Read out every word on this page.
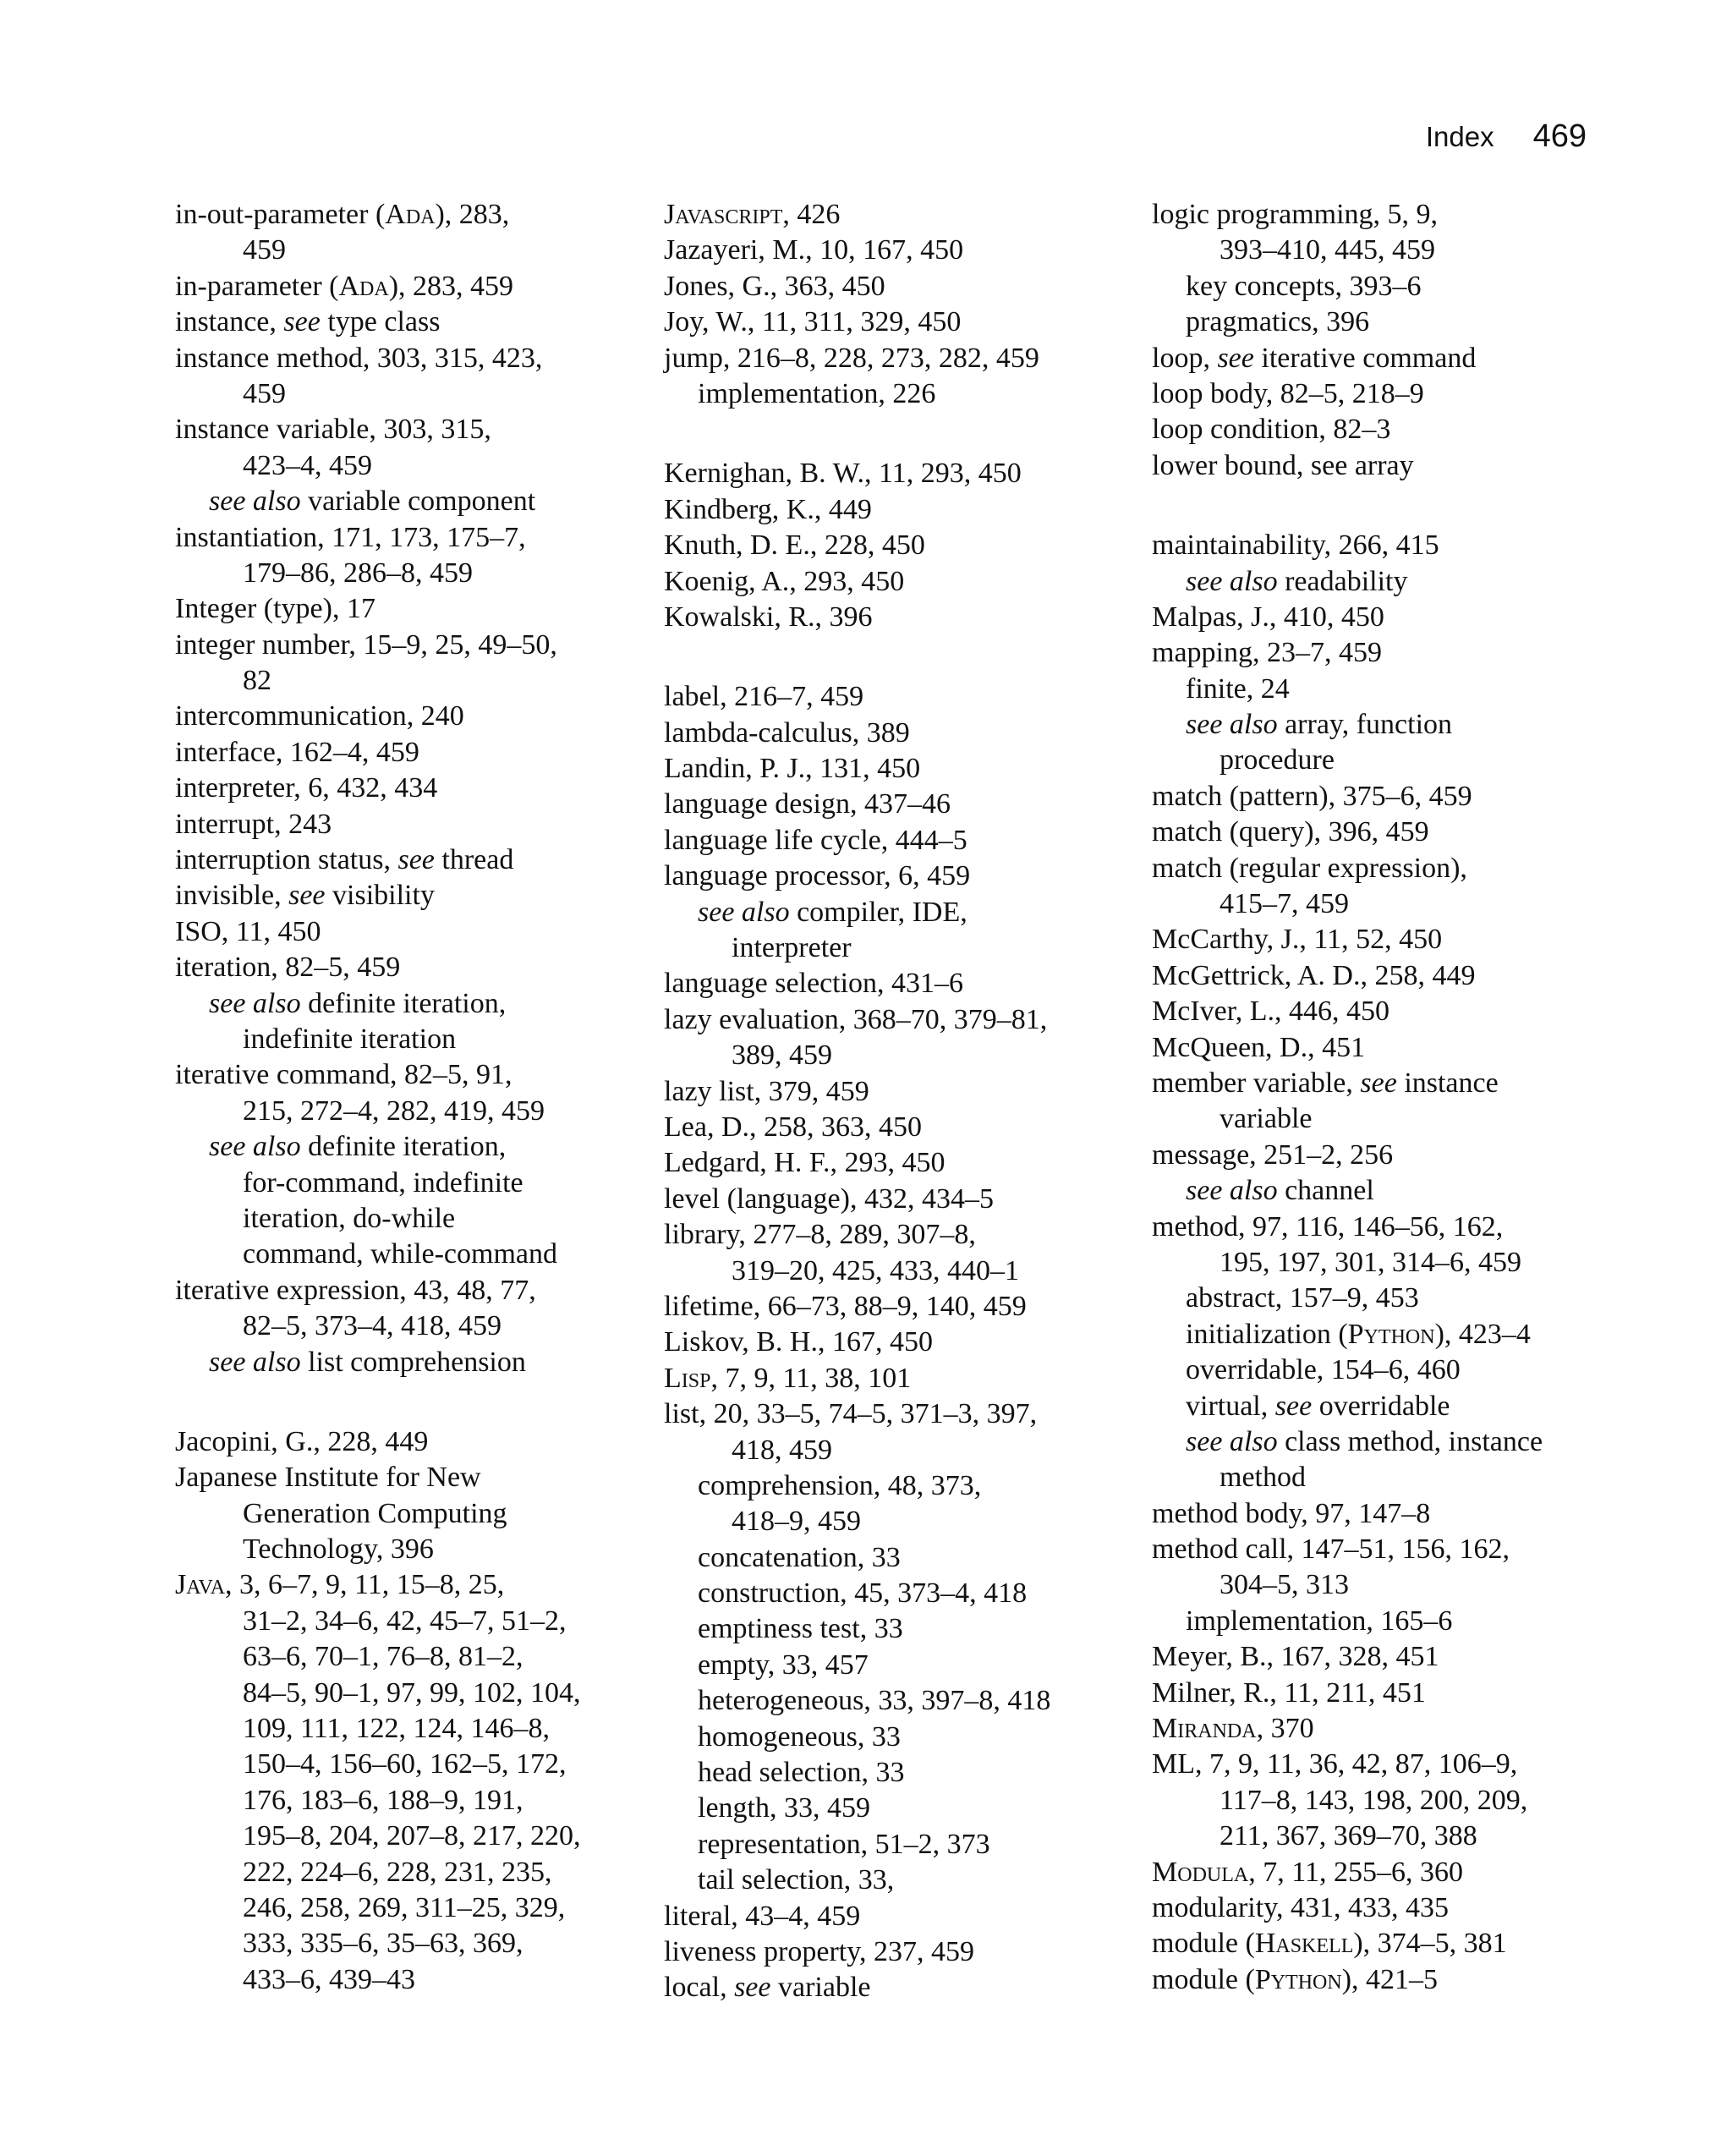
Index 469
in-out-parameter (Ada), 283,
459
in-parameter (Ada), 283, 459
instance, see type class
instance method, 303, 315, 423,
459
instance variable, 303, 315,
423–4, 459
see also variable component
instantiation, 171, 173, 175–7,
179–86, 286–8, 459
Integer (type), 17
integer number, 15–9, 25, 49–50,
82
intercommunication, 240
interface, 162–4, 459
interpreter, 6, 432, 434
interrupt, 243
interruption status, see thread
invisible, see visibility
ISO, 11, 450
iteration, 82–5, 459
see also definite iteration,
indefinite iteration
iterative command, 82–5, 91,
215, 272–4, 282, 419, 459
see also definite iteration,
for-command, indefinite
iteration, do-while
command, while-command
iterative expression, 43, 48, 77,
82–5, 373–4, 418, 459
see also list comprehension
Jacopini, G., 228, 449
Japanese Institute for New
Generation Computing
Technology, 396
Java, 3, 6–7, 9, 11, 15–8, 25,
31–2, 34–6, 42, 45–7, 51–2,
63–6, 70–1, 76–8, 81–2,
84–5, 90–1, 97, 99, 102, 104,
109, 111, 122, 124, 146–8,
150–4, 156–60, 162–5, 172,
176, 183–6, 188–9, 191,
195–8, 204, 207–8, 217, 220,
222, 224–6, 228, 231, 235,
246, 258, 269, 311–25, 329,
333, 335–6, 35–63, 369,
433–6, 439–43
Javascript, 426
Jazayeri, M., 10, 167, 450
Jones, G., 363, 450
Joy, W., 11, 311, 329, 450
jump, 216–8, 228, 273, 282, 459
implementation, 226
Kernighan, B. W., 11, 293, 450
Kindberg, K., 449
Knuth, D. E., 228, 450
Koenig, A., 293, 450
Kowalski, R., 396
label, 216–7, 459
lambda-calculus, 389
Landin, P. J., 131, 450
language design, 437–46
language life cycle, 444–5
language processor, 6, 459
see also compiler, IDE,
interpreter
language selection, 431–6
lazy evaluation, 368–70, 379–81,
389, 459
lazy list, 379, 459
Lea, D., 258, 363, 450
Ledgard, H. F., 293, 450
level (language), 432, 434–5
library, 277–8, 289, 307–8,
319–20, 425, 433, 440–1
lifetime, 66–73, 88–9, 140, 459
Liskov, B. H., 167, 450
Lisp, 7, 9, 11, 38, 101
list, 20, 33–5, 74–5, 371–3, 397,
418, 459
comprehension, 48, 373,
418–9, 459
concatenation, 33
construction, 45, 373–4, 418
emptiness test, 33
empty, 33, 457
heterogeneous, 33, 397–8, 418
homogeneous, 33
head selection, 33
length, 33, 459
representation, 51–2, 373
tail selection, 33,
literal, 43–4, 459
liveness property, 237, 459
local, see variable
logic programming, 5, 9,
393–410, 445, 459
key concepts, 393–6
pragmatics, 396
loop, see iterative command
loop body, 82–5, 218–9
loop condition, 82–3
lower bound, see array
maintainability, 266, 415
see also readability
Malpas, J., 410, 450
mapping, 23–7, 459
finite, 24
see also array, function
procedure
match (pattern), 375–6, 459
match (query), 396, 459
match (regular expression),
415–7, 459
McCarthy, J., 11, 52, 450
McGettrick, A. D., 258, 449
McIver, L., 446, 450
McQueen, D., 451
member variable, see instance
variable
message, 251–2, 256
see also channel
method, 97, 116, 146–56, 162,
195, 197, 301, 314–6, 459
abstract, 157–9, 453
initialization (Python), 423–4
overridable, 154–6, 460
virtual, see overridable
see also class method, instance
method
method body, 97, 147–8
method call, 147–51, 156, 162,
304–5, 313
implementation, 165–6
Meyer, B., 167, 328, 451
Milner, R., 11, 211, 451
Miranda, 370
ML, 7, 9, 11, 36, 42, 87, 106–9,
117–8, 143, 198, 200, 209,
211, 367, 369–70, 388
Modula, 7, 11, 255–6, 360
modularity, 431, 433, 435
module (Haskell), 374–5, 381
module (Python), 421–5
